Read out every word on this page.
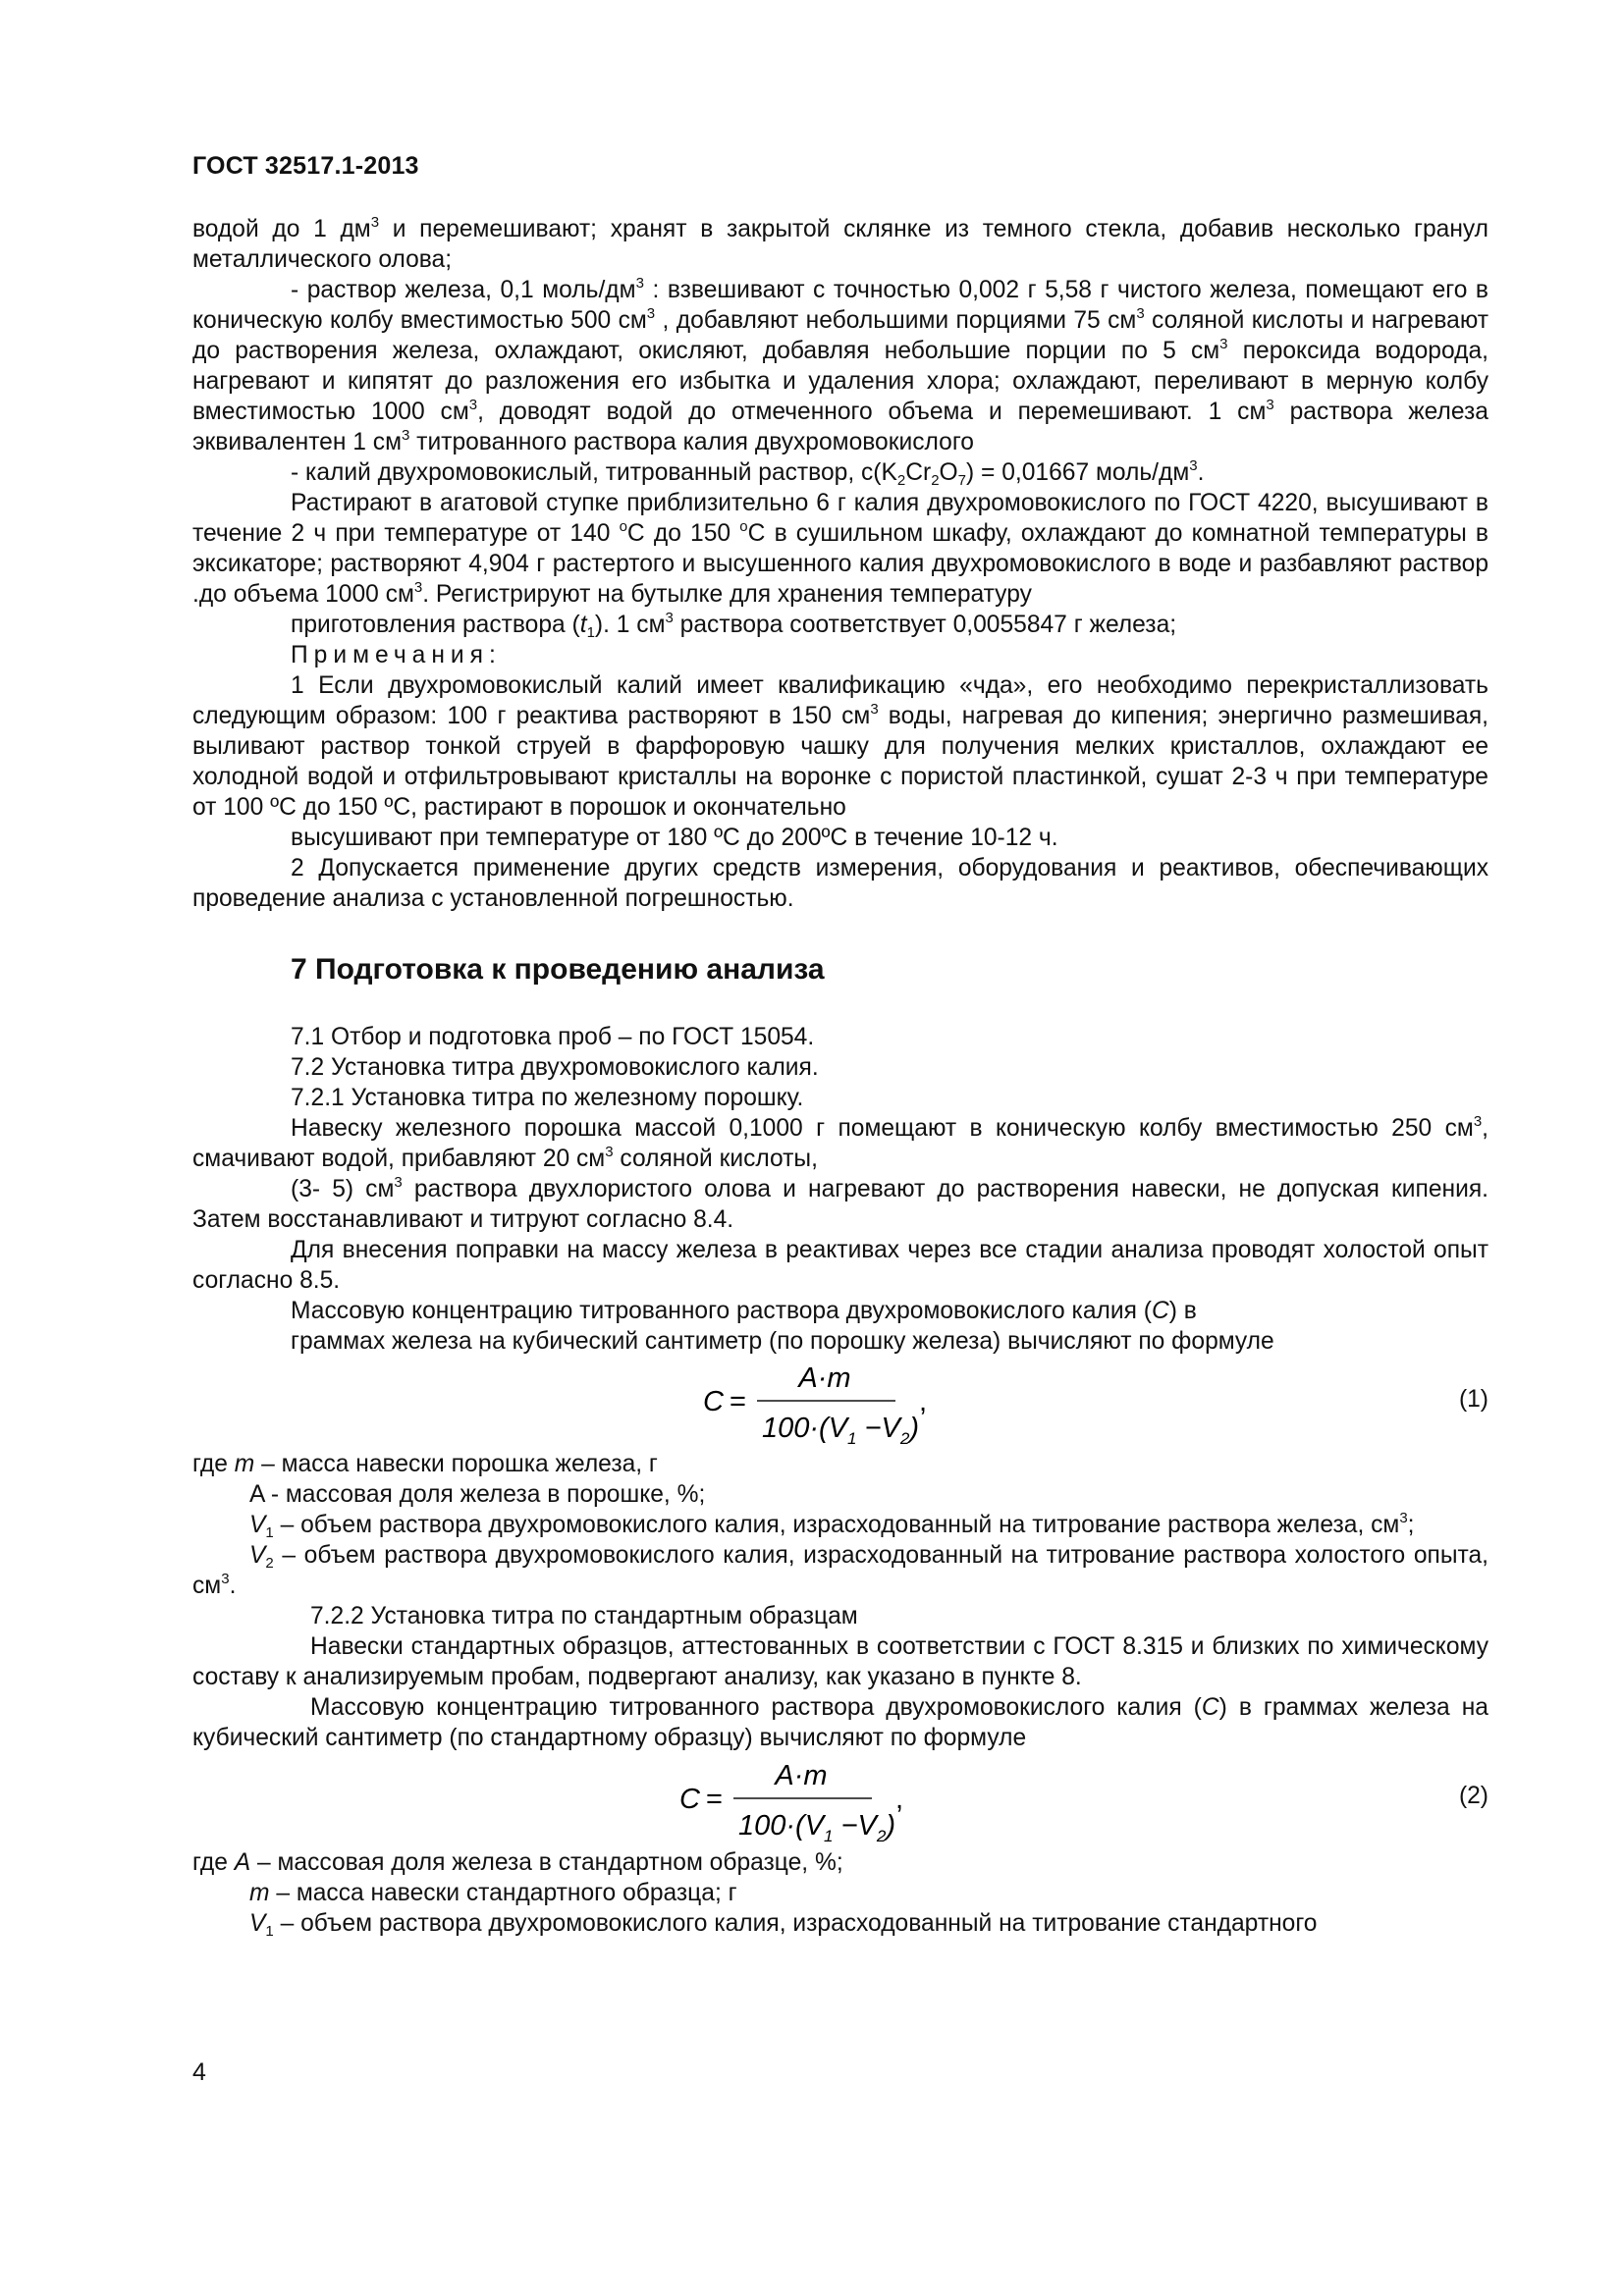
ГОСТ 32517.1-2013

водой до 1 $дм^3$ и перемешивают; хранят в закрытой склянке из темного стекла, добавив несколько гранул металлического олова;

- раствор железа, 0,1 моль/$дм^3$ : взвешивают с точностью 0,002 г 5,58 г чистого железа, помещают его в коническую колбу вместимостью 500 $см^3$ , добавляют небольшими порциями 75 $см^3$ соляной кислоты и нагревают до растворения железа, охлаждают, окисляют, добавляя небольшие порции по 5 $см^3$ пероксида водорода, нагревают и кипятят до разложения его избытка и удаления хлора; охлаждают, переливают в мерную колбу вместимостью 1000 $см^3$, доводят водой до отмеченного объема и перемешивают. 1 $см^3$ раствора железа эквивалентен 1 $см^3$ титрованного раствора калия двухромовокислого

- калий двухромовокислый, титрованный раствор, $с(K_2Cr_2O_7) = 0,01667$ моль/$дм^3$.

Растирают в агатовой ступке приблизительно 6 г калия двухромовокислого по ГОСТ 4220, высушивают в течение 2 ч при температуре от 140 $^o$С до 150 $^o$С в сушильном шкафу, охлаждают до комнатной температуры в эксикаторе; растворяют 4,904 г растертого и высушенного калия двухромовокислого в воде и разбавляют раствор .до объема 1000 $см^3$. Регистрируют на бутылке для хранения температуру

приготовления раствора $(t_1)$. 1 $см^3$ раствора соответствует 0,0055847 г железа;

Примечания:

1 Если двухромовокислый калий имеет квалификацию «чда», его необходимо перекристаллизовать следующим образом: 100 г реактива растворяют в 150 $см^3$ воды, нагревая до кипения; энергично размешивая, выливают раствор тонкой струей в фарфоровую чашку для получения мелких кристаллов, охлаждают ее холодной водой и отфильтровывают кристаллы на воронке с пористой пластинкой, сушат 2-3 ч при температуре от 100 ºС до 150 ºС, растирают в порошок и окончательно

высушивают при температуре от 180 ºС до 200ºС в течение 10-12 ч.

2 Допускается применение других средств измерения, оборудования и реактивов, обеспечивающих проведение анализа с установленной погрешностью.

7 Подготовка к проведению анализа

7.1 Отбор и подготовка проб – по ГОСТ 15054.

7.2 Установка титра двухромовокислого калия.

7.2.1 Установка титра по железному порошку.

Навеску железного порошка массой 0,1000 г помещают в коническую колбу вместимостью 250 $см^3$, смачивают водой, прибавляют 20 $см^3$ соляной кислоты,

(3- 5) $см^3$ раствора двухлористого олова и нагревают до растворения навески, не допуская кипения. Затем восстанавливают и титруют согласно 8.4.

Для внесения поправки на массу железа в реактивах через все стадии анализа проводят холостой опыт согласно 8.5.

Массовую концентрацию титрованного раствора двухромовокислого калия (C) в

граммах железа на кубический сантиметр (по порошку железа) вычисляют по формуле

C =
A·m
$100\cdot(V_1 -V_2)$
,	(1)

где m – масса навески порошка железа, г

A - массовая доля железа в порошке, %;

$V_1$ – объем раствора двухромовокислого калия, израсходованный на титрование раствора железа, $см^3$;

$V_2$ – объем раствора двухромовокислого калия, израсходованный на титрование раствора холостого опыта, $см^3$.

7.2.2 Установка титра по стандартным образцам

Навески стандартных образцов, аттестованных в соответствии с ГОСТ 8.315 и близких по химическому составу к анализируемым пробам, подвергают анализу, как указано в пункте 8.

Массовую концентрацию титрованного раствора двухромовокислого калия (C) в граммах железа на кубический сантиметр (по стандартному образцу) вычисляют по формуле

C =
A·m
$100\cdot(V_1 -V_2)$
,	(2)

где A – массовая доля железа в стандартном образце, %;

m – масса навески стандартного образца; г

$V_1$ – объем раствора двухромовокислого калия, израсходованный на титрование стандартного

4
